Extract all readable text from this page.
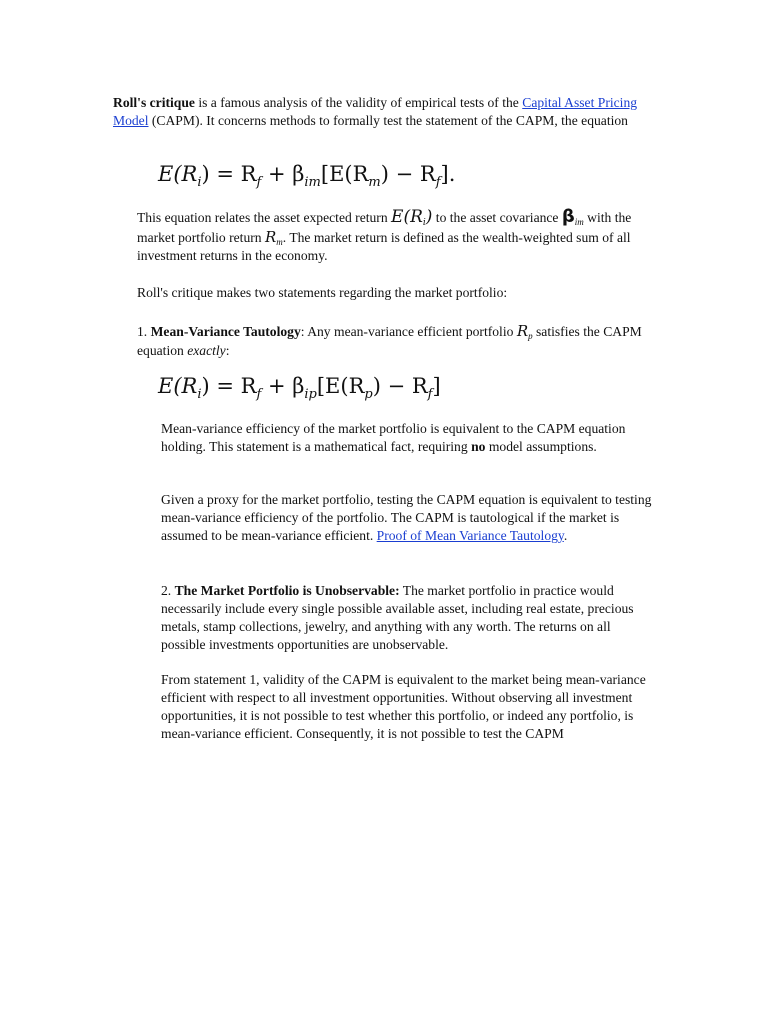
Roll's critique is a famous analysis of the validity of empirical tests of the Capital Asset Pricing Model (CAPM). It concerns methods to formally test the statement of the CAPM, the equation

$E(R_i) = R_f + \beta_{im}[E(R_m) - R_f]$.

This equation relates the asset expected return $E(R_i)$ to the asset covariance $\beta_{im}$ with the market portfolio return $R_m$. The market return is defined as the wealth-weighted sum of all investment returns in the economy.

Roll's critique makes two statements regarding the market portfolio:

1. Mean-Variance Tautology: Any mean-variance efficient portfolio $R_p$ satisfies the CAPM equation exactly:

$E(R_i) = R_f + \beta_{ip}[E(R_p) - R_f]$

Mean-variance efficiency of the market portfolio is equivalent to the CAPM equation holding. This statement is a mathematical fact, requiring no model assumptions.

Given a proxy for the market portfolio, testing the CAPM equation is equivalent to testing mean-variance efficiency of the portfolio. The CAPM is tautological if the market is assumed to be mean-variance efficient. Proof of Mean Variance Tautology.

2. The Market Portfolio is Unobservable: The market portfolio in practice would necessarily include every single possible available asset, including real estate, precious metals, stamp collections, jewelry, and anything with any worth. The returns on all possible investments opportunities are unobservable.

From statement 1, validity of the CAPM is equivalent to the market being mean-variance efficient with respect to all investment opportunities. Without observing all investment opportunities, it is not possible to test whether this portfolio, or indeed any portfolio, is mean-variance efficient. Consequently, it is not possible to test the CAPM
